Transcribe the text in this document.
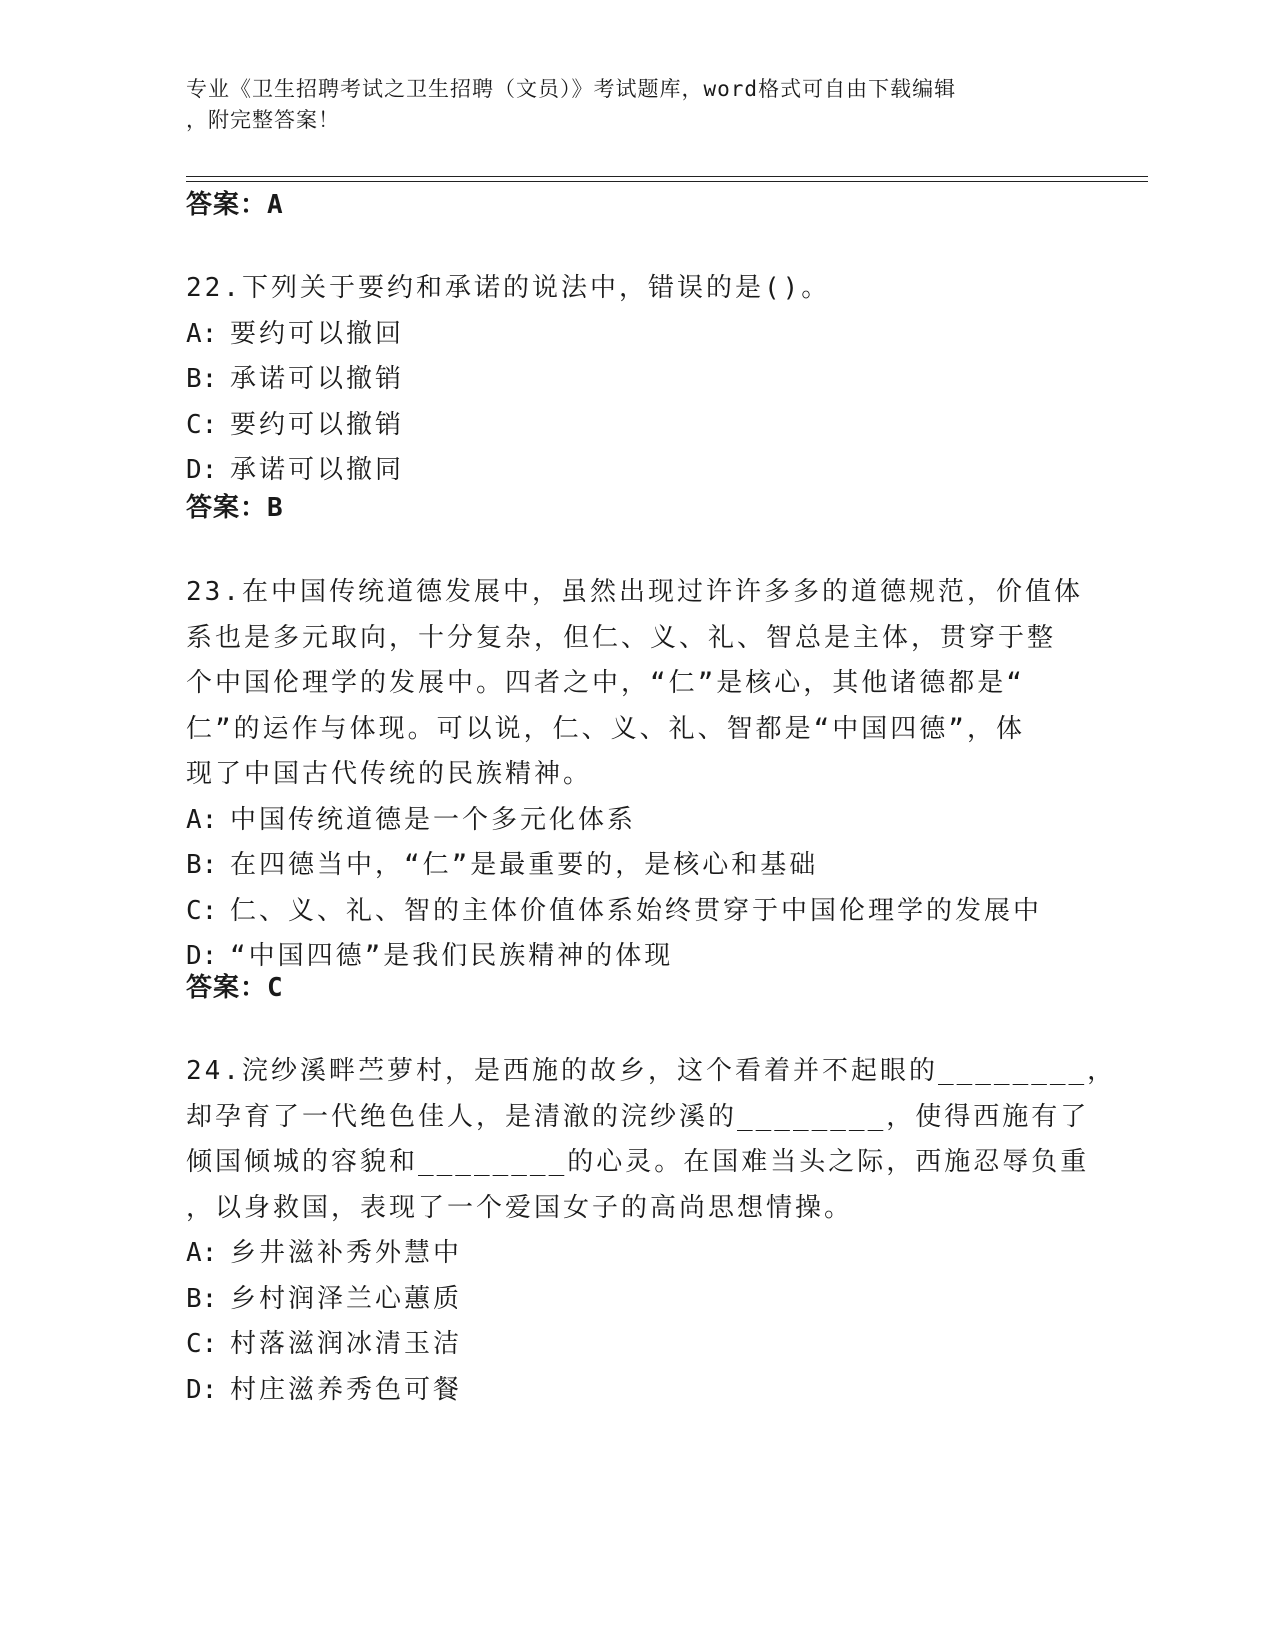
专业《卫生招聘考试之卫生招聘（文员）》考试题库，word格式可自由下载编辑
，附完整答案！
答案：A
22.下列关于要约和承诺的说法中，错误的是()。
A: 要约可以撤回
B: 承诺可以撤销
C: 要约可以撤销
D: 承诺可以撤同
答案：B
23.在中国传统道德发展中，虽然出现过许许多多的道德规范，价值体
系也是多元取向，十分复杂，但仁、义、礼、智总是主体，贯穿于整
个中国伦理学的发展中。四者之中，“仁”是核心，其他诸德都是“
仁”的运作与体现。可以说，仁、义、礼、智都是“中国四德”，体
现了中国古代传统的民族精神。
A: 中国传统道德是一个多元化体系
B: 在四德当中，“仁”是最重要的，是核心和基础
C: 仁、义、礼、智的主体价值体系始终贯穿于中国伦理学的发展中
D: “中国四德”是我们民族精神的体现
答案：C
24.浣纱溪畔苎萝村，是西施的故乡，这个看着并不起眼的________，
却孕育了一代绝色佳人，是清澈的浣纱溪的________，使得西施有了
倾国倾城的容貌和________的心灵。在国难当头之际，西施忍辱负重
，以身救国，表现了一个爱国女子的高尚思想情操。
A: 乡井滋补秀外慧中
B: 乡村润泽兰心蕙质
C: 村落滋润冰清玉洁
D: 村庄滋养秀色可餐
